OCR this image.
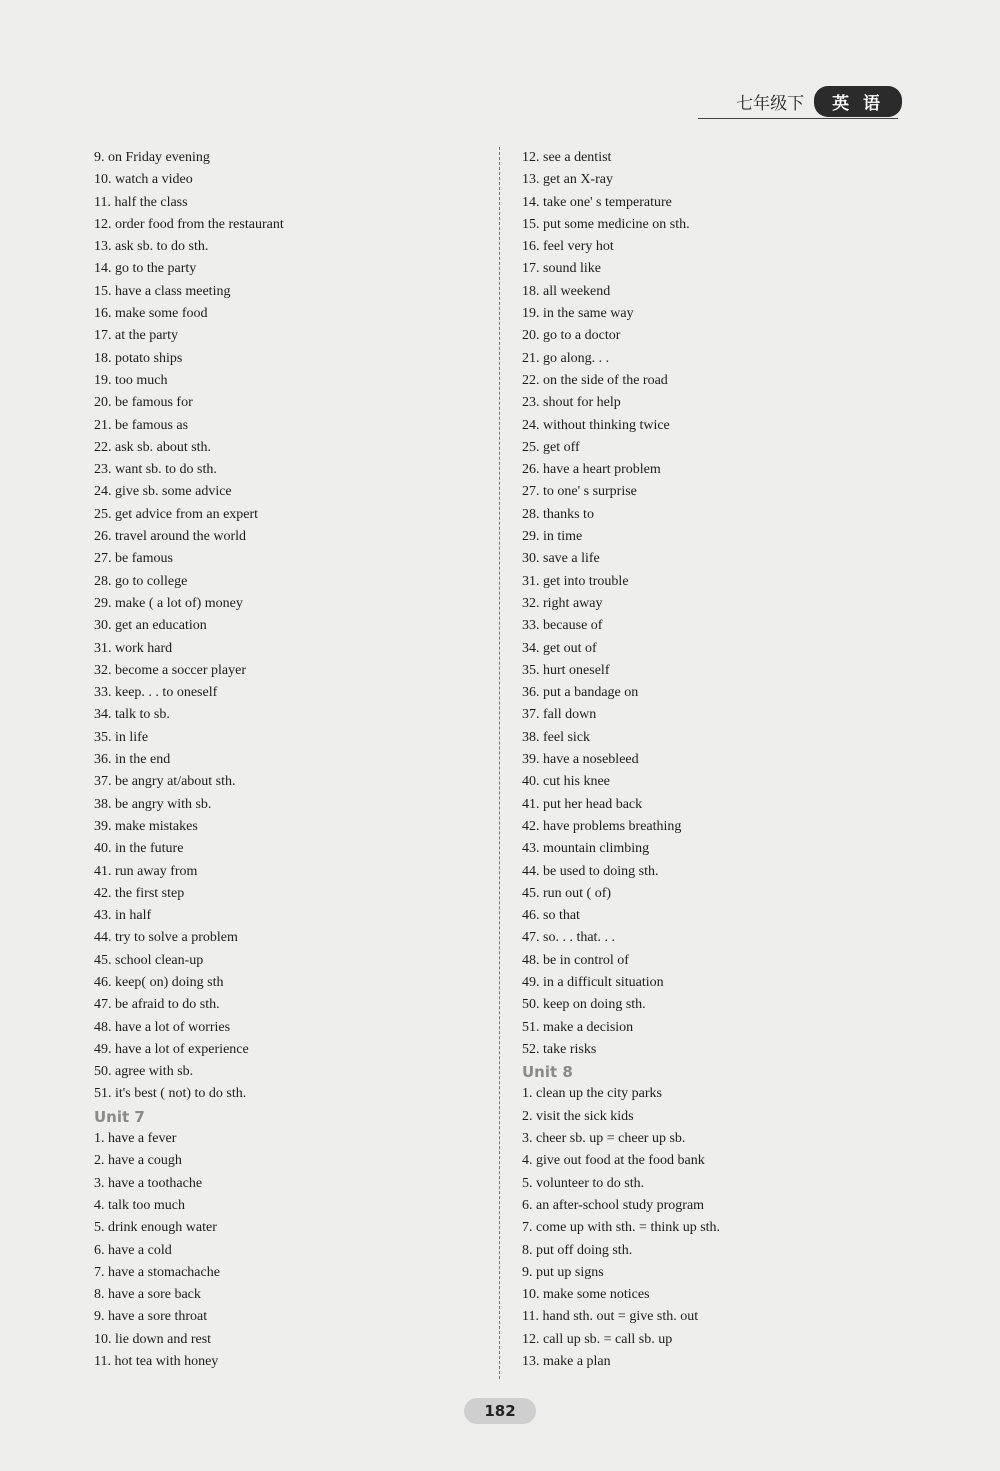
七年级下	英 语
9. on Friday evening
10. watch a video
11. half the class
12. order food from the restaurant
13. ask sb. to do sth.
14. go to the party
15. have a class meeting
16. make some food
17. at the party
18. potato ships
19. too much
20. be famous for
21. be famous as
22. ask sb. about sth.
23. want sb. to do sth.
24. give sb. some advice
25. get advice from an expert
26. travel around the world
27. be famous
28. go to college
29. make ( a lot of) money
30. get an education
31. work hard
32. become a soccer player
33. keep. . . to oneself
34. talk to sb.
35. in life
36. in the end
37. be angry at/about sth.
38. be angry with sb.
39. make mistakes
40. in the future
41. run away from
42. the first step
43. in half
44. try to solve a problem
45. school clean-up
46. keep( on) doing sth
47. be afraid to do sth.
48. have a lot of worries
49. have a lot of experience
50. agree with sb.
51. it's best ( not) to do sth.
Unit 7
1. have a fever
2. have a cough
3. have a toothache
4. talk too much
5. drink enough water
6. have a cold
7. have a stomachache
8. have a sore back
9. have a sore throat
10. lie down and rest
11. hot tea with honey
12. see a dentist
13. get an X-ray
14. take one' s temperature
15. put some medicine on sth.
16. feel very hot
17. sound like
18. all weekend
19. in the same way
20. go to a doctor
21. go along. . .
22. on the side of the road
23. shout for help
24. without thinking twice
25. get off
26. have a heart problem
27. to one' s surprise
28. thanks to
29. in time
30. save a life
31. get into trouble
32. right away
33. because of
34. get out of
35. hurt oneself
36. put a bandage on
37. fall down
38. feel sick
39. have a nosebleed
40. cut his knee
41. put her head back
42. have problems breathing
43. mountain climbing
44. be used to doing sth.
45. run out ( of)
46. so that
47. so. . . that. . .
48. be in control of
49. in a difficult situation
50. keep on doing sth.
51. make a decision
52. take risks
Unit 8
1. clean up the city parks
2. visit the sick kids
3. cheer sb. up = cheer up sb.
4. give out food at the food bank
5. volunteer to do sth.
6. an after-school study program
7. come up with sth. = think up sth.
8. put off doing sth.
9. put up signs
10. make some notices
11. hand sth. out = give sth. out
12. call up sb. = call sb. up
13. make a plan
182
